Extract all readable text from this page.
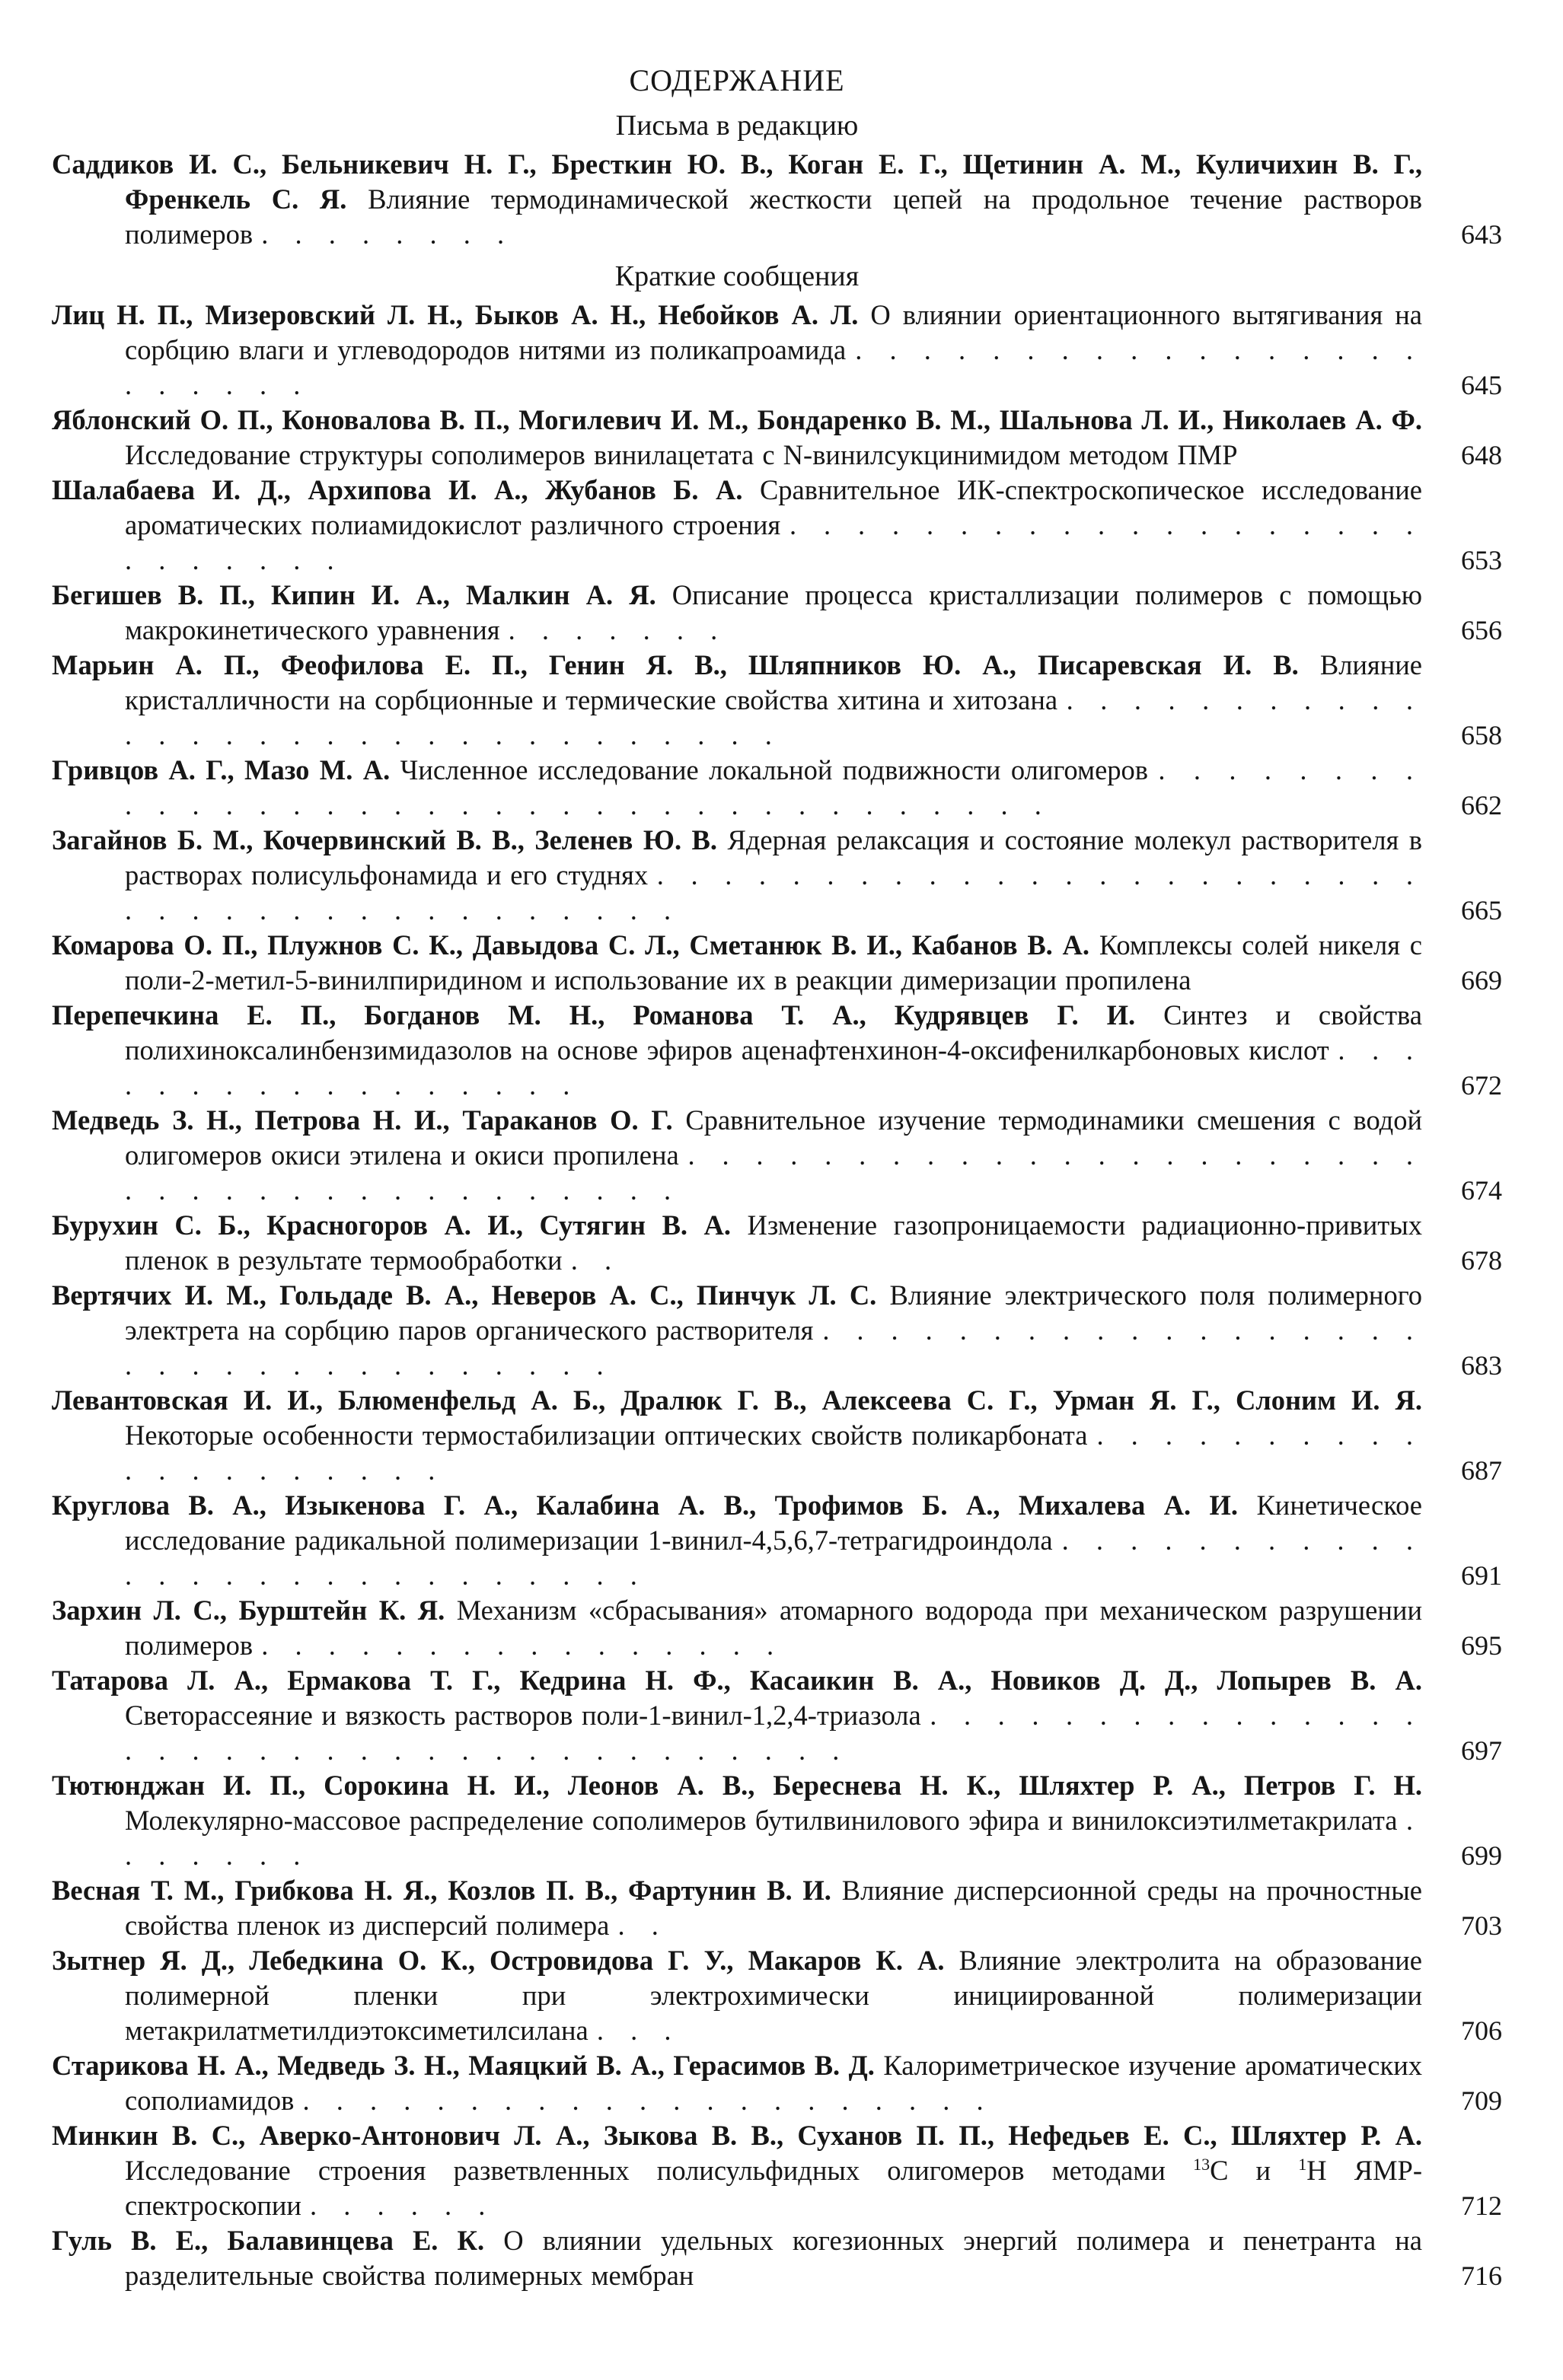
СОДЕРЖАНИЕ
Письма в редакцию
Саддиков И. С., Бельникевич Н. Г., Бресткин Ю. В., Коган Е. Г., Щетинин А. М., Куличихин В. Г., Френкель С. Я. Влияние термодинамической жесткости цепей на продольное течение растворов полимеров . . . . . . . .	643
Краткие сообщения
Лиц Н. П., Мизеровский Л. Н., Быков А. Н., Небойков А. Л. О влиянии ориентационного вытягивания на сорбцию влаги и углеводородов нитями из поликапроамида . . . . . . . . . . . . . . . . . . . . . . .	645
Яблонский О. П., Коновалова В. П., Могилевич И. М., Бондаренко В. М., Шальнова Л. И., Николаев А. Ф. Исследование структуры сополимеров винилацетата с N-винилсукцинимидом методом ПМР	648
Шалабаева И. Д., Архипова И. А., Жубанов Б. А. Сравнительное ИК-спектроскопическое исследование ароматических полиамидокислот различного строения . . . . . . . . . . . . . . . . . . . . . . . . . .	653
Бегишев В. П., Кипин И. А., Малкин А. Я. Описание процесса кристаллизации полимеров с помощью макрокинетического уравнения . . . . . . .	656
Марьин А. П., Феофилова Е. П., Генин Я. В., Шляпников Ю. А., Писаревская И. В. Влияние кристалличности на сорбционные и термические свойства хитина и хитозана . . . . . . . . . . . . . . . . . . . . . . . . . . . . . . .	658
Гривцов А. Г., Мазо М. А. Численное исследование локальной подвижности олигомеров . . . . . . . . . . . . . . . . . . . . . . . . . . . . . . . . . . . .	662
Загайнов Б. М., Кочервинский В. В., Зеленев Ю. В. Ядерная релаксация и состояние молекул растворителя в растворах полисульфонамида и его студнях . . . . . . . . . . . . . . . . . . . . . . . . . . . . . . . . . . . . . . . .	665
Комарова О. П., Плужнов С. К., Давыдова С. Л., Сметанюк В. И., Кабанов В. А. Комплексы солей никеля с поли-2-метил-5-винилпиридином и использование их в реакции димеризации пропилена	669
Перепечкина Е. П., Богданов М. Н., Романова Т. А., Кудрявцев Г. И. Синтез и свойства полихиноксалинбензимидазолов на основе эфиров аценафтенхинон-4-оксифенилкарбоновых кислот . . . . . . . . . . . . . . . . .	672
Медведь З. Н., Петрова Н. И., Тараканов О. Г. Сравнительное изучение термодинамики смешения с водой олигомеров окиси этилена и окиси пропилена . . . . . . . . . . . . . . . . . . . . . . . . . . . . . . . . . . . . . . .	674
Бурухин С. Б., Красногоров А. И., Сутягин В. А. Изменение газопроницаемости радиационно-привитых пленок в результате термообработки . .	678
Вертячих И. М., Гольдаде В. А., Неверов А. С., Пинчук Л. С. Влияние электрического поля полимерного электрета на сорбцию паров органического растворителя . . . . . . . . . . . . . . . . . . . . . . . . . . . . . . . . .	683
Левантовская И. И., Блюменфельд А. Б., Дралюк Г. В., Алексеева С. Г., Урман Я. Г., Слоним И. Я. Некоторые особенности термостабилизации оптических свойств поликарбоната . . . . . . . . . . . . . . . . . . . .	687
Круглова В. А., Изыкенова Г. А., Калабина А. В., Трофимов Б. А., Михалева А. И. Кинетическое исследование радикальной полимеризации 1-винил-4,5,6,7-тетрагидроиндола . . . . . . . . . . . . . . . . . . . . . . . . . . .	691
Зархин Л. С., Бурштейн К. Я. Механизм «сбрасывания» атомарного водорода при механическом разрушении полимеров . . . . . . . . . . . . . . . .	695
Татарова Л. А., Ермакова Т. Г., Кедрина Н. Ф., Касаикин В. А., Новиков Д. Д., Лопырев В. А. Светорассеяние и вязкость растворов поли-1-винил-1,2,4-триазола . . . . . . . . . . . . . . . . . . . . . . . . . . . . . . . . . . . . .	697
Тютюнджан И. П., Сорокина Н. И., Леонов А. В., Береснева Н. К., Шляхтер Р. А., Петров Г. Н. Молекулярно-массовое распределение сополимеров бутилвинилового эфира и винилоксиэтилметакрилата . . . . . . .	699
Весная Т. М., Грибкова Н. Я., Козлов П. В., Фартунин В. И. Влияние дисперсионной среды на прочностные свойства пленок из дисперсий полимера . .	703
Зытнер Я. Д., Лебедкина О. К., Островидова Г. У., Макаров К. А. Влияние электролита на образование полимерной пленки при электрохимически инициированной полимеризации метакрилатметилдиэтоксиметилсилана . . .	706
Старикова Н. А., Медведь З. Н., Маяцкий В. А., Герасимов В. Д. Калориметрическое изучение ароматических сополиамидов . . . . . . . . . . . . . . . . . . . . .	709
Минкин В. С., Аверко-Антонович Л. А., Зыкова В. В., Суханов П. П., Нефедьев Е. С., Шляхтер Р. А. Исследование строения разветвленных полисульфидных олигомеров методами $^{13}$C и $^1$H ЯМР-спектроскопии . . . . . .	712
Гуль В. Е., Балавинцева Е. К. О влиянии удельных когезионных энергий полимера и пенетранта на разделительные свойства полимерных мембран	716
